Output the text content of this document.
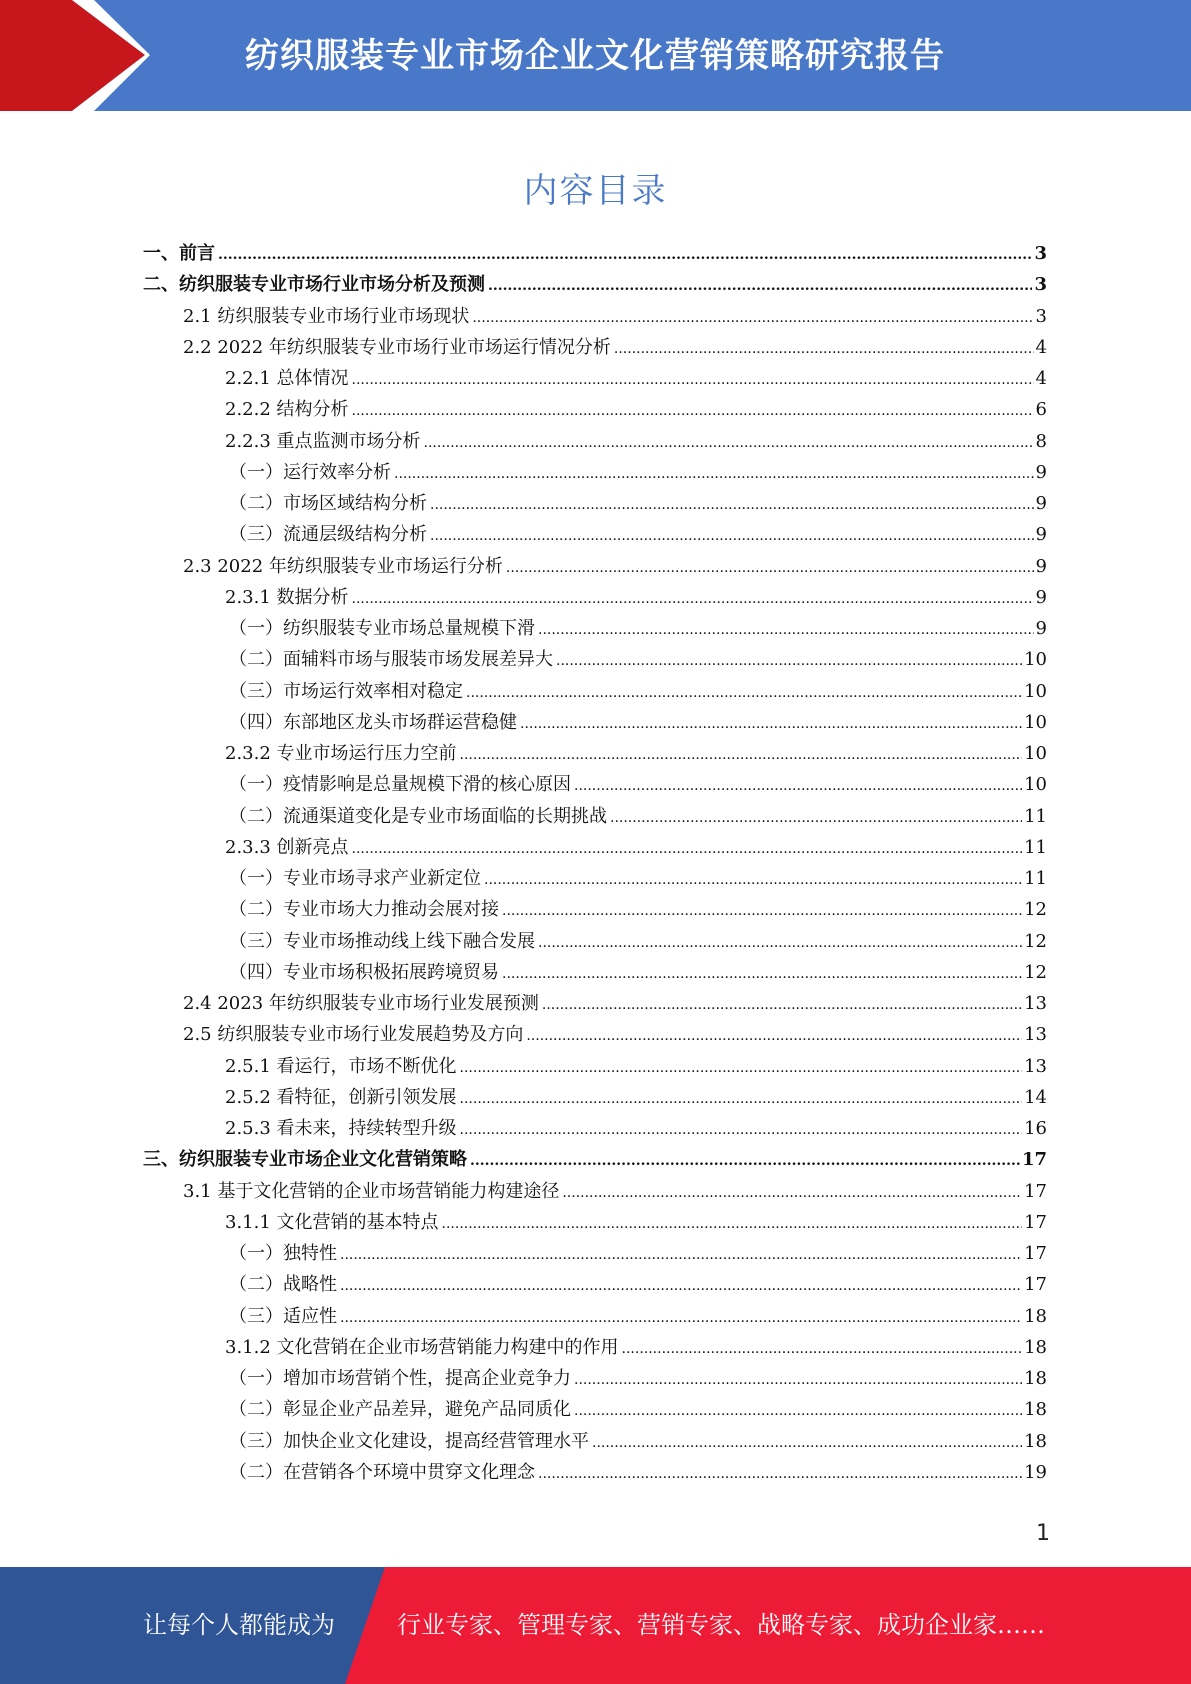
纺织服装专业市场企业文化营销策略研究报告
内容目录
一、前言 .....	3
二、纺织服装专业市场行业市场分析及预测 .....	3
2.1 纺织服装专业市场行业市场现状 .....	3
2.2 2022 年纺织服装专业市场行业市场运行情况分析 .....	4
2.2.1 总体情况 .....	4
2.2.2 结构分析 .....	6
2.2.3 重点监测市场分析 .....	8
（一）运行效率分析 .....	9
（二）市场区域结构分析 .....	9
（三）流通层级结构分析 .....	9
2.3 2022 年纺织服装专业市场运行分析 .....	9
2.3.1 数据分析 .....	9
（一）纺织服装专业市场总量规模下滑 .....	9
（二）面辅料市场与服装市场发展差异大 .....	10
（三）市场运行效率相对稳定 .....	10
（四）东部地区龙头市场群运营稳健 .....	10
2.3.2 专业市场运行压力空前 .....	10
（一）疫情影响是总量规模下滑的核心原因 .....	10
（二）流通渠道变化是专业市场面临的长期挑战 .....	11
2.3.3 创新亮点 .....	11
（一）专业市场寻求产业新定位 .....	11
（二）专业市场大力推动会展对接 .....	12
（三）专业市场推动线上线下融合发展 .....	12
（四）专业市场积极拓展跨境贸易 .....	12
2.4 2023 年纺织服装专业市场行业发展预测 .....	13
2.5 纺织服装专业市场行业发展趋势及方向 .....	13
2.5.1 看运行，市场不断优化 .....	13
2.5.2 看特征，创新引领发展 .....	14
2.5.3 看未来，持续转型升级 .....	16
三、纺织服装专业市场企业文化营销策略 .....	17
3.1 基于文化营销的企业市场营销能力构建途径 .....	17
3.1.1 文化营销的基本特点 .....	17
（一）独特性 .....	17
（二）战略性 .....	17
（三）适应性 .....	18
3.1.2 文化营销在企业市场营销能力构建中的作用 .....	18
（一）增加市场营销个性，提高企业竞争力 .....	18
（二）彰显企业产品差异，避免产品同质化 .....	18
（三）加快企业文化建设，提高经营管理水平 .....	18
（二）在营销各个环境中贯穿文化理念 .....	19
1
让每个人都能成为	行业专家、管理专家、营销专家、战略专家、成功企业家……
